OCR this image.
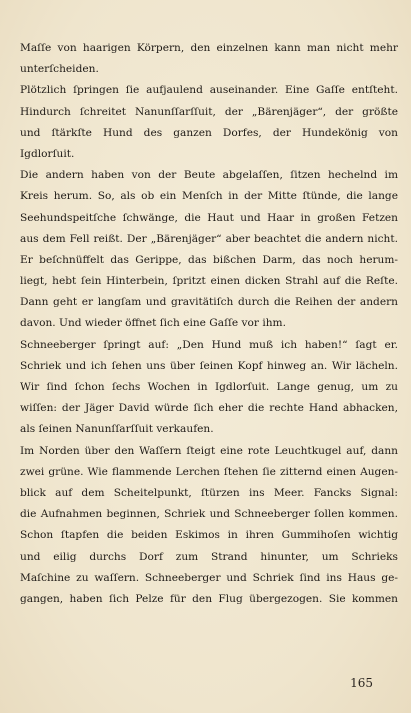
Maſſe von haarigen Körpern, den einzelnen kann man nicht mehr
unterſcheiden.
Plötzlich ſpringen ſie aufjaulend auseinander. Eine Gaſſe entſteht.
Hindurch ſchreitet Nanunſſarſſuit, der „Bärenjäger“, der größte
und ſtärkſte Hund des ganzen Dorfes, der Hundekönig von
Igdlorſuit.
Die andern haben von der Beute abgelaſſen, ſitzen hechelnd im
Kreis herum. So, als ob ein Menſch in der Mitte ſtünde, die lange
Seehundspeitſche ſchwänge, die Haut und Haar in großen Fetzen
aus dem Fell reißt. Der „Bärenjäger“ aber beachtet die andern nicht.
Er beſchnüffelt das Gerippe, das bißchen Darm, das noch herum-
liegt, hebt ſein Hinterbein, ſpritzt einen dicken Strahl auf die Reſte.
Dann geht er langſam und gravitätiſch durch die Reihen der andern
davon. Und wieder öffnet ſich eine Gaſſe vor ihm.
Schneeberger ſpringt auf: „Den Hund muß ich haben!“ ſagt er.
Schriek und ich ſehen uns über ſeinen Kopf hinweg an. Wir lächeln.
Wir ſind ſchon ſechs Wochen in Igdlorſuit. Lange genug, um zu
wiſſen: der Jäger David würde ſich eher die rechte Hand abhacken,
als ſeinen Nanunſſarſſuit verkaufen.
Im Norden über den Waſſern ſteigt eine rote Leuchtkugel auf, dann
zwei grüne. Wie flammende Lerchen ſtehen ſie zitternd einen Augen-
blick auf dem Scheitelpunkt, ſtürzen ins Meer. Fancks Signal:
die Aufnahmen beginnen, Schriek und Schneeberger ſollen kommen.
Schon ſtapfen die beiden Eskimos in ihren Gummihoſen wichtig
und eilig durchs Dorf zum Strand hinunter, um Schrieks
Maſchine zu waſſern. Schneeberger und Schriek ſind ins Haus ge-
gangen, haben ſich Pelze für den Flug übergezogen. Sie kommen
165
